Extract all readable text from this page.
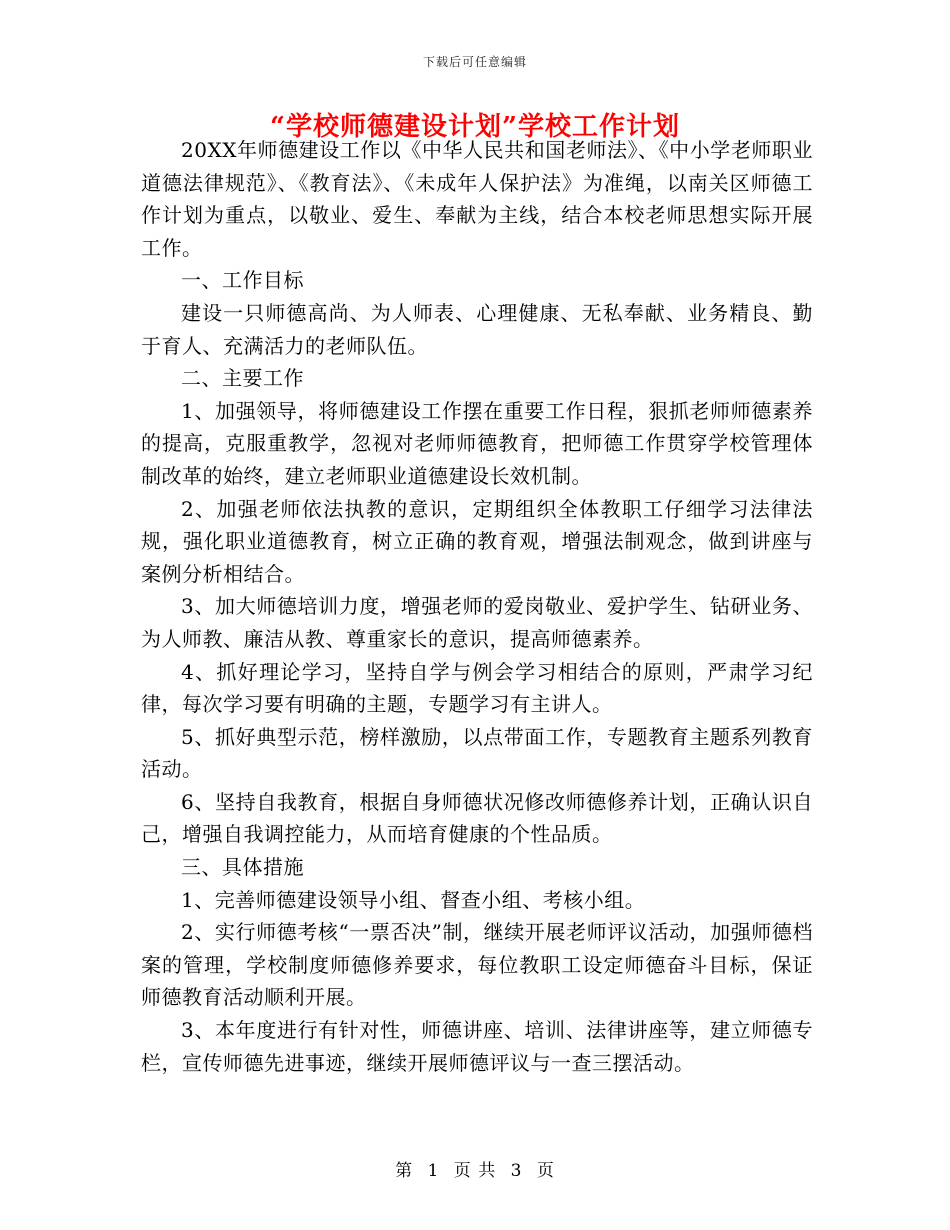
下载后可任意编辑
“学校师德建设计划”学校工作计划

20XX年师德建设工作以《中华人民共和国老师法》、《中小学老师职业道德法律规范》、《教育法》、《未成年人保护法》为准绳，以南关区师德工作计划为重点，以敬业、爱生、奉献为主线，结合本校老师思想实际开展工作。

一、工作目标

建设一只师德高尚、为人师表、心理健康、无私奉献、业务精良、勤于育人、充满活力的老师队伍。

二、主要工作

1、加强领导，将师德建设工作摆在重要工作日程，狠抓老师师德素养的提高，克服重教学，忽视对老师师德教育，把师德工作贯穿学校管理体制改革的始终，建立老师职业道德建设长效机制。

2、加强老师依法执教的意识，定期组织全体教职工仔细学习法律法规，强化职业道德教育，树立正确的教育观，增强法制观念，做到讲座与案例分析相结合。

3、加大师德培训力度，增强老师的爱岗敬业、爱护学生、钻研业务、为人师教、廉洁从教、尊重家长的意识，提高师德素养。

4、抓好理论学习，坚持自学与例会学习相结合的原则，严肃学习纪律，每次学习要有明确的主题，专题学习有主讲人。

5、抓好典型示范，榜样激励，以点带面工作，专题教育主题系列教育活动。

6、坚持自我教育，根据自身师德状况修改师德修养计划，正确认识自己，增强自我调控能力，从而培育健康的个性品质。

三、具体措施

1、完善师德建设领导小组、督查小组、考核小组。

2、实行师德考核“一票否决”制，继续开展老师评议活动，加强师德档案的管理，学校制度师德修养要求，每位教职工设定师德奋斗目标，保证师德教育活动顺利开展。

3、本年度进行有针对性，师德讲座、培训、法律讲座等，建立师德专栏，宣传师德先进事迹，继续开展师德评议与一查三摆活动。

第 1 页 共 3 页
